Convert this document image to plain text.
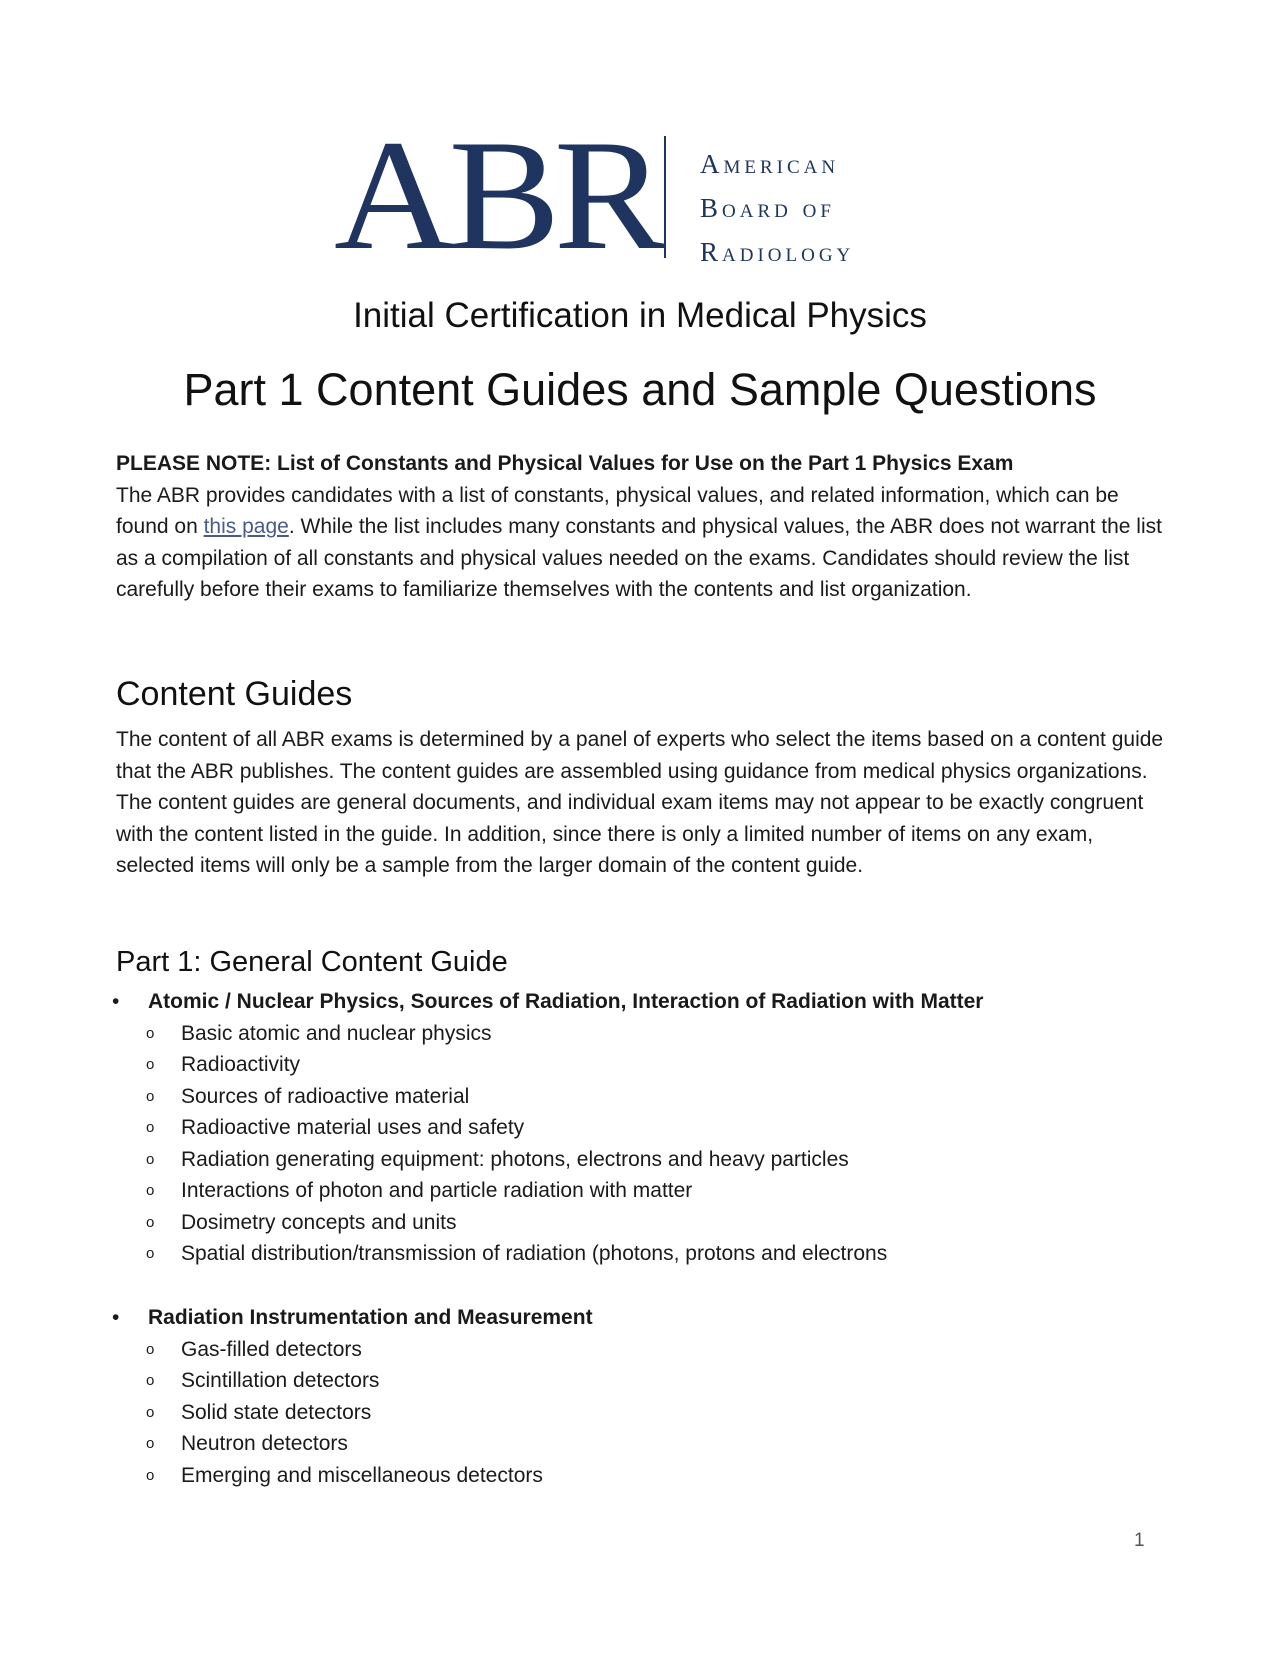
ABR American
Board of
Radiology
Initial Certification in Medical Physics
Part 1 Content Guides and Sample Questions
PLEASE NOTE: List of Constants and Physical Values for Use on the Part 1 Physics Exam
The ABR provides candidates with a list of constants, physical values, and related information, which can be found on this page. While the list includes many constants and physical values, the ABR does not warrant the list as a compilation of all constants and physical values needed on the exams. Candidates should review the list carefully before their exams to familiarize themselves with the contents and list organization.
Content Guides
The content of all ABR exams is determined by a panel of experts who select the items based on a content guide that the ABR publishes. The content guides are assembled using guidance from medical physics organizations. The content guides are general documents, and individual exam items may not appear to be exactly congruent with the content listed in the guide. In addition, since there is only a limited number of items on any exam, selected items will only be a sample from the larger domain of the content guide.
Part 1: General Content Guide
• Atomic / Nuclear Physics, Sources of Radiation, Interaction of Radiation with Matter
o Basic atomic and nuclear physics
o Radioactivity
o Sources of radioactive material
o Radioactive material uses and safety
o Radiation generating equipment: photons, electrons and heavy particles
o Interactions of photon and particle radiation with matter
o Dosimetry concepts and units
o Spatial distribution/transmission of radiation (photons, protons and electrons
• Radiation Instrumentation and Measurement
o Gas-filled detectors
o Scintillation detectors
o Solid state detectors
o Neutron detectors
o Emerging and miscellaneous detectors
1
